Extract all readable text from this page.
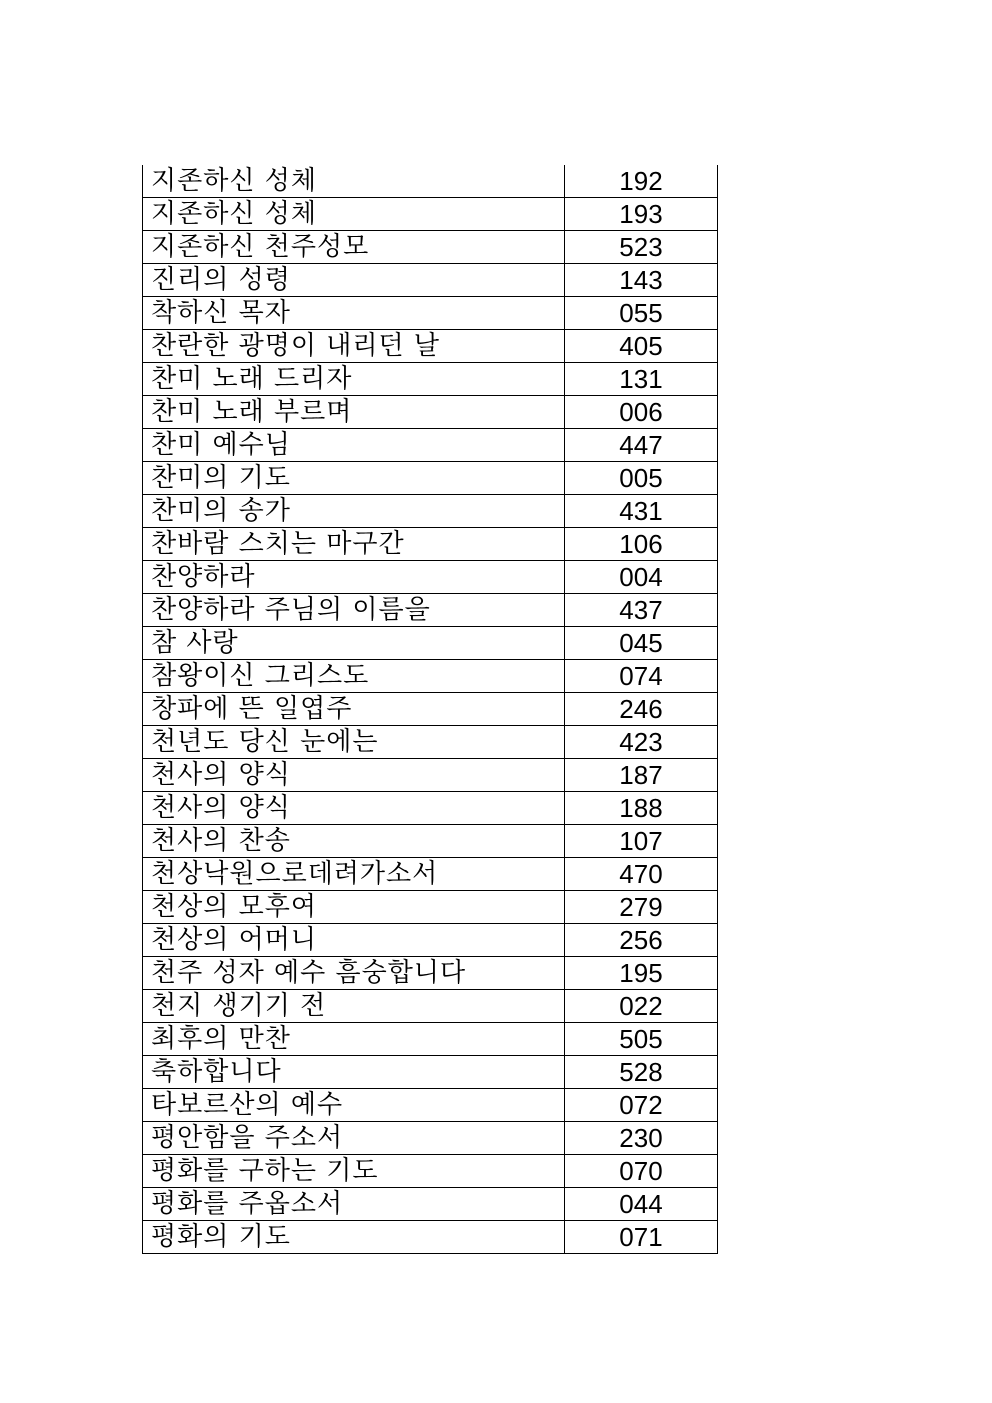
지존하신 성체	192
지존하신 성체	193
지존하신 천주성모	523
진리의 성령	143
착하신 목자	055
찬란한 광명이 내리던 날	405
찬미 노래 드리자	131
찬미 노래 부르며	006
찬미 예수님	447
찬미의 기도	005
찬미의 송가	431
찬바람 스치는 마구간	106
찬양하라	004
찬양하라 주님의 이름을	437
참 사랑	045
참왕이신 그리스도	074
창파에 뜬 일엽주	246
천년도 당신 눈에는	423
천사의 양식	187
천사의 양식	188
천사의 찬송	107
천상낙원으로데려가소서	470
천상의 모후여	279
천상의 어머니	256
천주 성자 예수 흠숭합니다	195
천지 생기기 전	022
최후의 만찬	505
축하합니다	528
타보르산의 예수	072
평안함을 주소서	230
평화를 구하는 기도	070
평화를 주옵소서	044
평화의 기도	071
